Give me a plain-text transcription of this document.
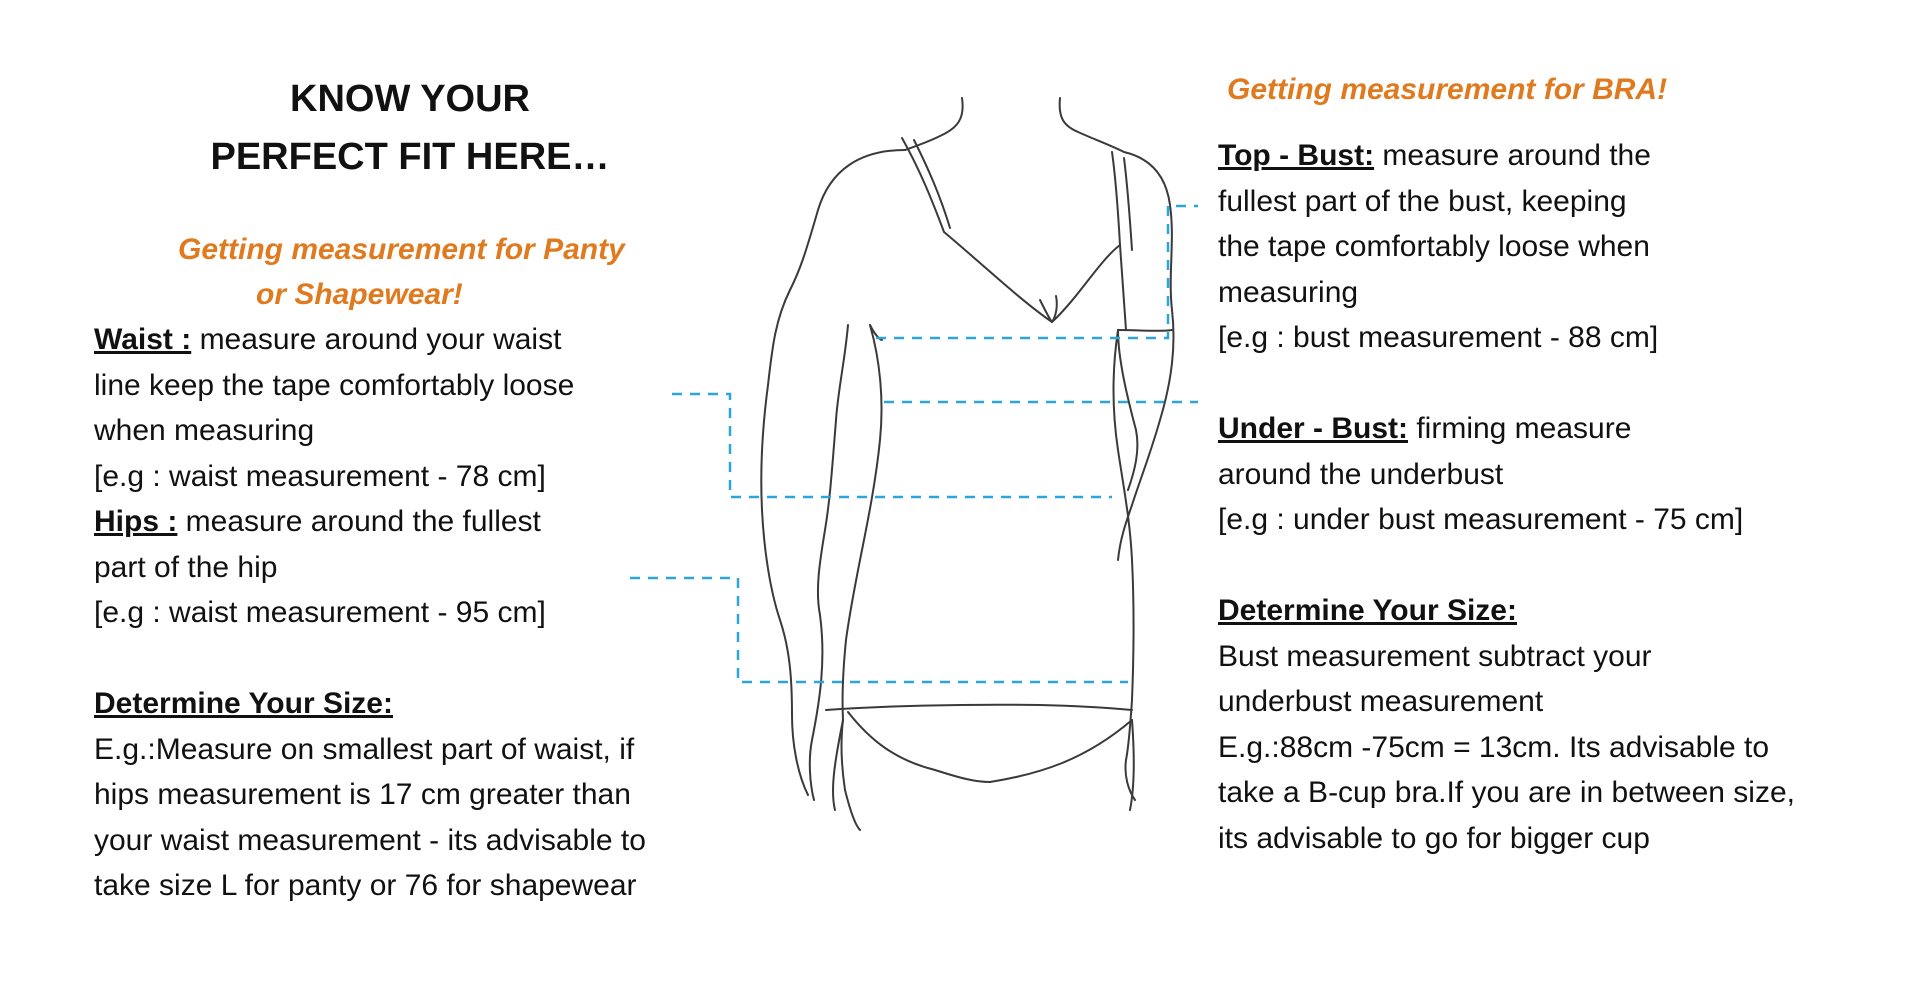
KNOW YOUR
PERFECT FIT HERE…
Getting measurement for Panty
or Shapewear!
Waist : measure around your waist
line keep the tape comfortably loose
when measuring
[e.g : waist measurement - 78 cm]
Hips : measure around the fullest
part of the hip
[e.g : waist measurement - 95 cm]
Determine Your Size:
E.g.:Measure on smallest part of waist, if
hips measurement is 17 cm greater than
your waist measurement - its advisable to
take size L for panty or 76 for shapewear
Getting measurement for BRA!
Top - Bust: measure around the
fullest part of the bust, keeping
the tape comfortably loose when
measuring
[e.g : bust measurement - 88 cm]
Under - Bust: firming measure
around the underbust
[e.g : under bust measurement - 75 cm]
Determine Your Size:
Bust measurement subtract your
underbust measurement
E.g.:88cm -75cm = 13cm. Its advisable to
take a B-cup bra.If you are in between size,
its advisable to go for bigger cup
